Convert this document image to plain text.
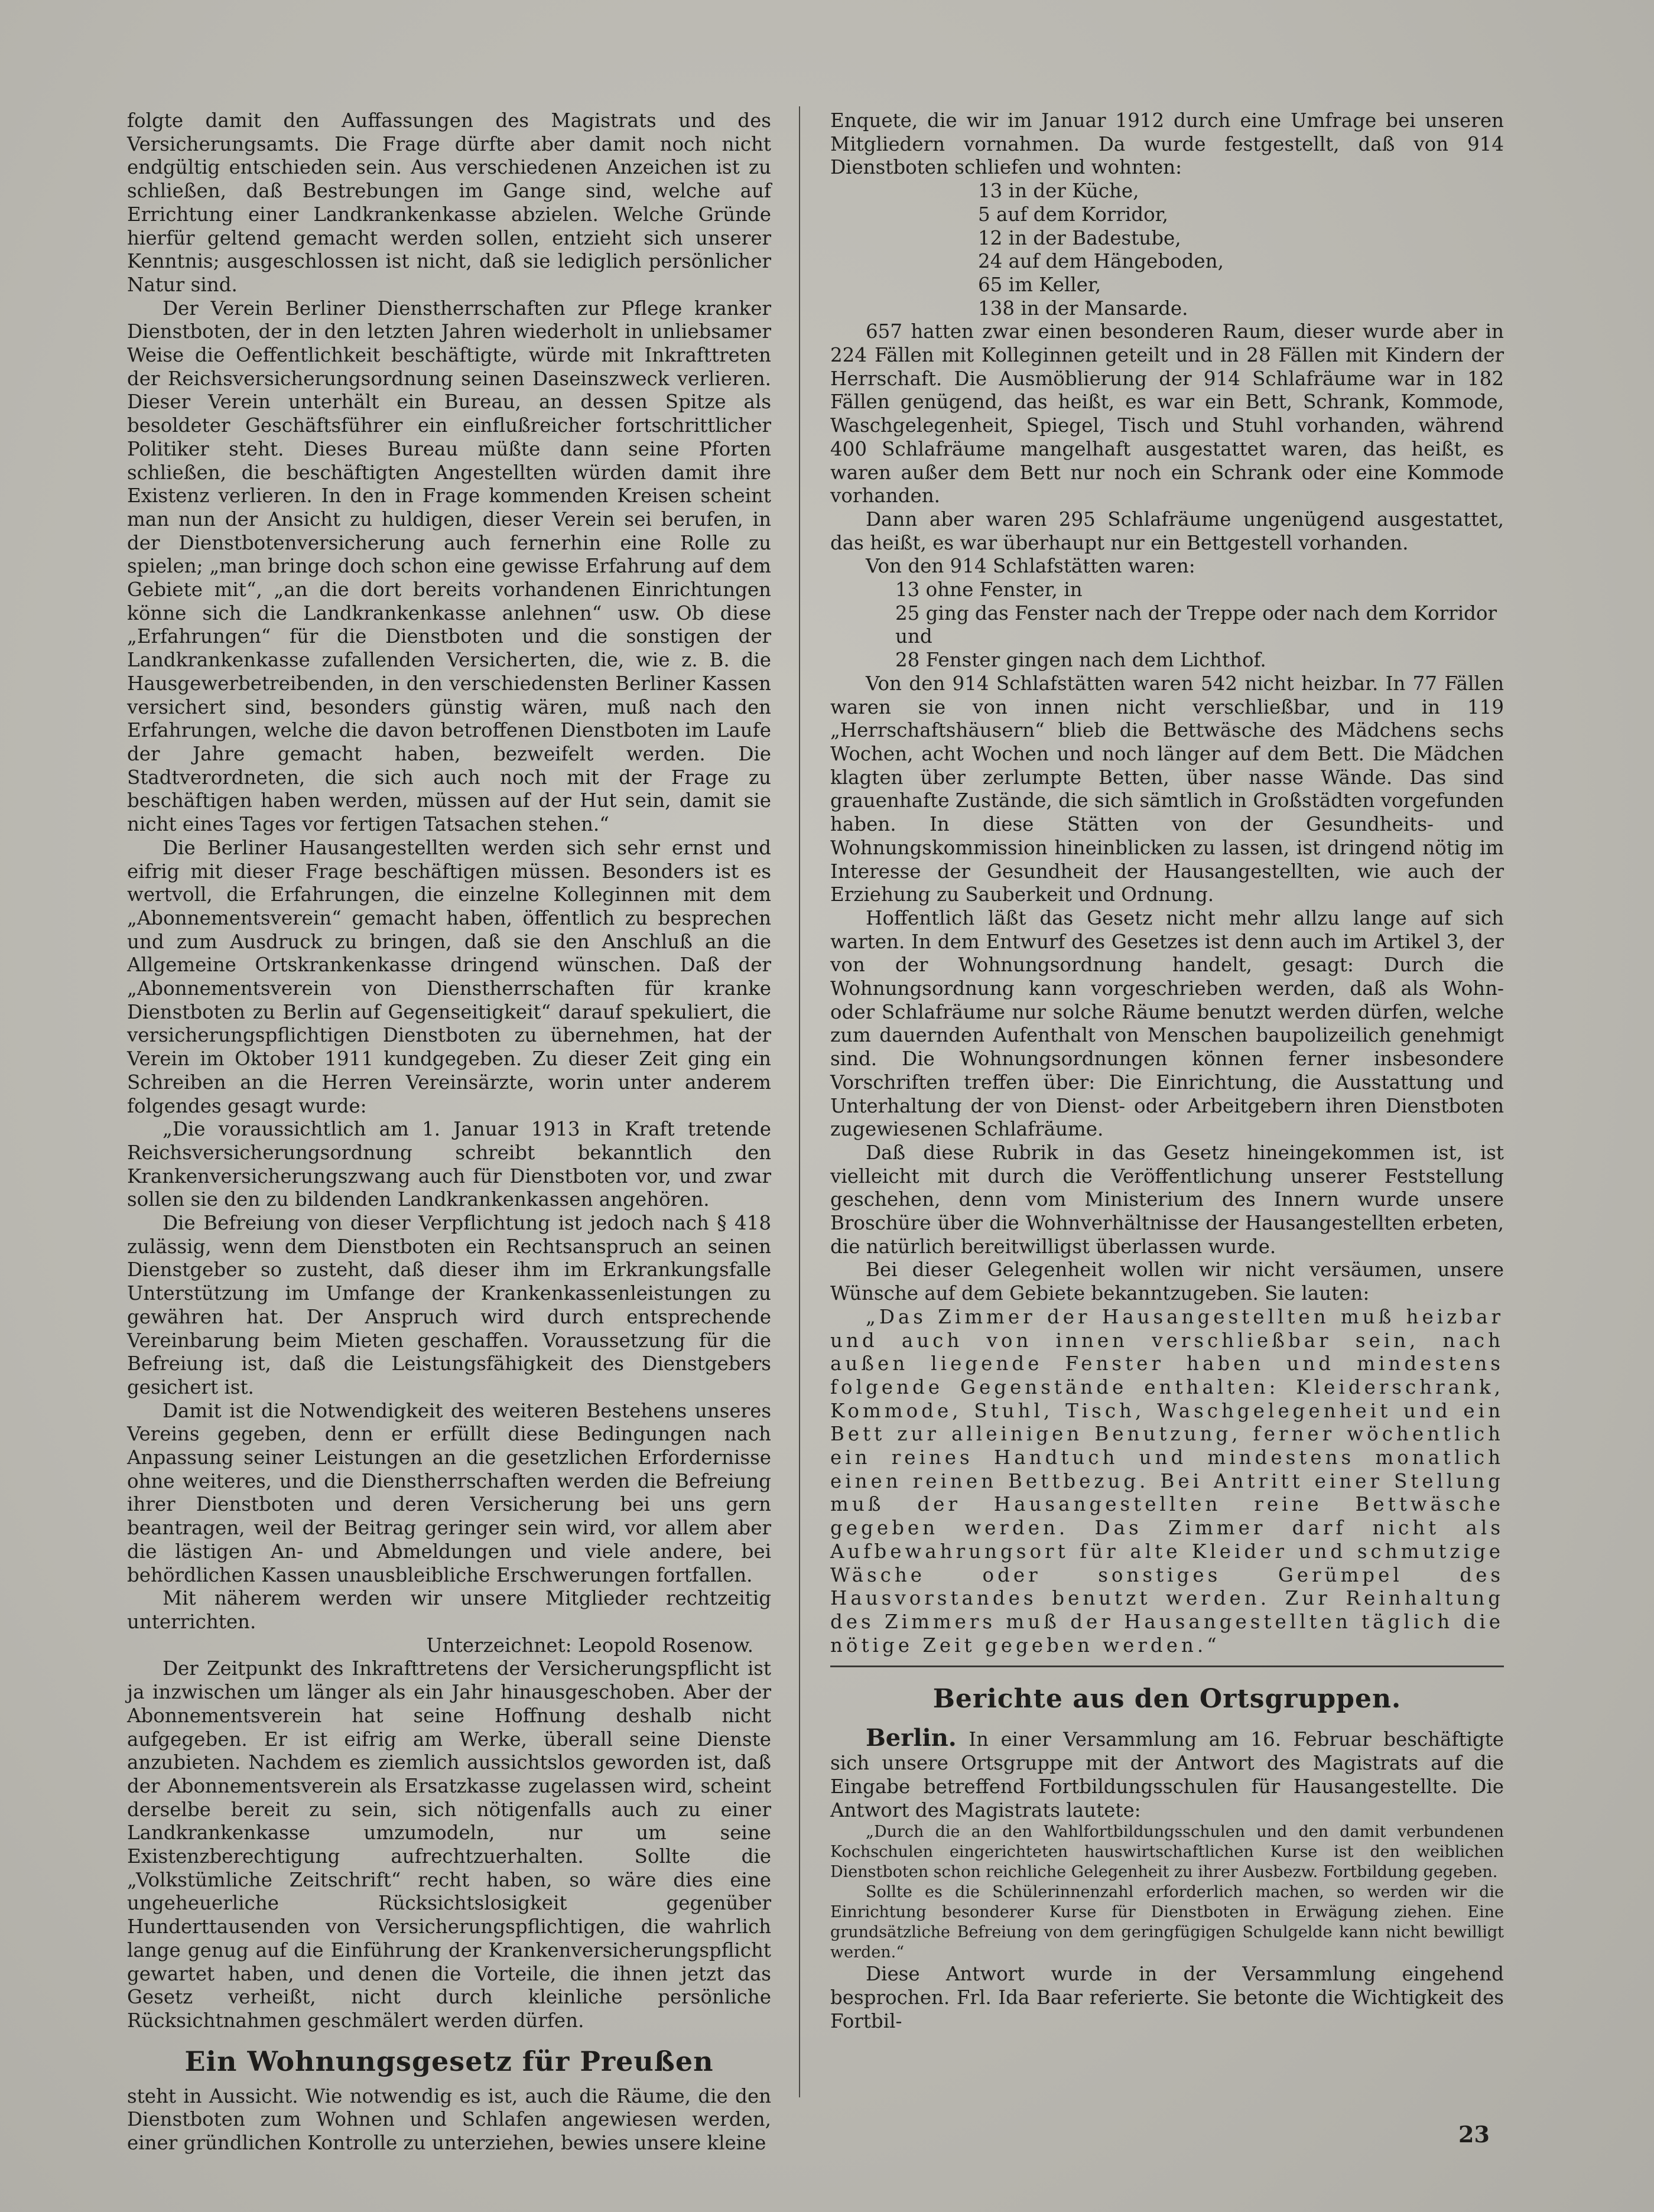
folgte damit den Auffassungen des Magistrats und des Versicherungsamts. Die Frage dürfte aber damit noch nicht endgültig entschieden sein. Aus verschiedenen Anzeichen ist zu schließen, daß Bestrebungen im Gange sind, welche auf Errichtung einer Landkrankenkasse abzielen. Welche Gründe hierfür geltend gemacht werden sollen, entzieht sich unserer Kenntnis; ausgeschlossen ist nicht, daß sie lediglich persönlicher Natur sind.

Der Verein Berliner Dienstherrschaften zur Pflege kranker Dienstboten, der in den letzten Jahren wiederholt in unliebsamer Weise die Oeffentlichkeit beschäftigte, würde mit Inkrafttreten der Reichsversicherungsordnung seinen Daseinszweck verlieren. Dieser Verein unterhält ein Bureau, an dessen Spitze als besoldeter Geschäftsführer ein einflußreicher fortschrittlicher Politiker steht. Dieses Bureau müßte dann seine Pforten schließen, die beschäftigten Angestellten würden damit ihre Existenz verlieren. In den in Frage kommenden Kreisen scheint man nun der Ansicht zu huldigen, dieser Verein sei berufen, in der Dienstbotenversicherung auch fernerhin eine Rolle zu spielen; „man bringe doch schon eine gewisse Erfahrung auf dem Gebiete mit“, „an die dort bereits vorhandenen Einrichtungen könne sich die Landkrankenkasse anlehnen“ usw. Ob diese „Erfahrungen“ für die Dienstboten und die sonstigen der Landkrankenkasse zufallenden Versicherten, die, wie z. B. die Hausgewerbetreibenden, in den verschiedensten Berliner Kassen versichert sind, besonders günstig wären, muß nach den Erfahrungen, welche die davon betroffenen Dienstboten im Laufe der Jahre gemacht haben, bezweifelt werden. Die Stadtverordneten, die sich auch noch mit der Frage zu beschäftigen haben werden, müssen auf der Hut sein, damit sie nicht eines Tages vor fertigen Tatsachen stehen.“

Die Berliner Hausangestellten werden sich sehr ernst und eifrig mit dieser Frage beschäftigen müssen. Besonders ist es wertvoll, die Erfahrungen, die einzelne Kolleginnen mit dem „Abonnementsverein“ gemacht haben, öffentlich zu besprechen und zum Ausdruck zu bringen, daß sie den Anschluß an die Allgemeine Ortskrankenkasse dringend wünschen. Daß der „Abonnementsverein von Dienstherrschaften für kranke Dienstboten zu Berlin auf Gegenseitigkeit“ darauf spekuliert, die versicherungspflichtigen Dienstboten zu übernehmen, hat der Verein im Oktober 1911 kundgegeben. Zu dieser Zeit ging ein Schreiben an die Herren Vereinsärzte, worin unter anderem folgendes gesagt wurde:

„Die voraussichtlich am 1. Januar 1913 in Kraft tretende Reichsversicherungsordnung schreibt bekanntlich den Krankenversicherungszwang auch für Dienstboten vor, und zwar sollen sie den zu bildenden Landkrankenkassen angehören.

Die Befreiung von dieser Verpflichtung ist jedoch nach § 418 zulässig, wenn dem Dienstboten ein Rechtsanspruch an seinen Dienstgeber so zusteht, daß dieser ihm im Erkrankungsfalle Unterstützung im Umfange der Krankenkassenleistungen zu gewähren hat. Der Anspruch wird durch entsprechende Vereinbarung beim Mieten geschaffen. Voraussetzung für die Befreiung ist, daß die Leistungsfähigkeit des Dienstgebers gesichert ist.

Damit ist die Notwendigkeit des weiteren Bestehens unseres Vereins gegeben, denn er erfüllt diese Bedingungen nach Anpassung seiner Leistungen an die gesetzlichen Erfordernisse ohne weiteres, und die Dienstherrschaften werden die Befreiung ihrer Dienstboten und deren Versicherung bei uns gern beantragen, weil der Beitrag geringer sein wird, vor allem aber die lästigen An- und Abmeldungen und viele andere, bei behördlichen Kassen unausbleibliche Erschwerungen fortfallen.

Mit näherem werden wir unsere Mitglieder rechtzeitig unterrichten.

Unterzeichnet: Leopold Rosenow.

Der Zeitpunkt des Inkrafttretens der Versicherungspflicht ist ja inzwischen um länger als ein Jahr hinausgeschoben. Aber der Abonnementsverein hat seine Hoffnung deshalb nicht aufgegeben. Er ist eifrig am Werke, überall seine Dienste anzubieten. Nachdem es ziemlich aussichtslos geworden ist, daß der Abonnementsverein als Ersatzkasse zugelassen wird, scheint derselbe bereit zu sein, sich nötigenfalls auch zu einer Landkrankenkasse umzumodeln, nur um seine Existenzberechtigung aufrechtzuerhalten. Sollte die „Volkstümliche Zeitschrift“ recht haben, so wäre dies eine ungeheuerliche Rücksichtslosigkeit gegenüber Hunderttausenden von Versicherungspflichtigen, die wahrlich lange genug auf die Einführung der Krankenversicherungspflicht gewartet haben, und denen die Vorteile, die ihnen jetzt das Gesetz verheißt, nicht durch kleinliche persönliche Rücksichtnahmen geschmälert werden dürfen.

Ein Wohnungsgesetz für Preußen

steht in Aussicht. Wie notwendig es ist, auch die Räume, die den Dienstboten zum Wohnen und Schlafen angewiesen werden, einer gründlichen Kontrolle zu unterziehen, bewies unsere kleine

Enquete, die wir im Januar 1912 durch eine Umfrage bei unseren Mitgliedern vornahmen. Da wurde festgestellt, daß von 914 Dienstboten schliefen und wohnten:

13 in der Küche,
5 auf dem Korridor,
12 in der Badestube,
24 auf dem Hängeboden,
65 im Keller,
138 in der Mansarde.

657 hatten zwar einen besonderen Raum, dieser wurde aber in 224 Fällen mit Kolleginnen geteilt und in 28 Fällen mit Kindern der Herrschaft. Die Ausmöblierung der 914 Schlafräume war in 182 Fällen genügend, das heißt, es war ein Bett, Schrank, Kommode, Waschgelegenheit, Spiegel, Tisch und Stuhl vorhanden, während 400 Schlafräume mangelhaft ausgestattet waren, das heißt, es waren außer dem Bett nur noch ein Schrank oder eine Kommode vorhanden.

Dann aber waren 295 Schlafräume ungenügend ausgestattet, das heißt, es war überhaupt nur ein Bettgestell vorhanden.

Von den 914 Schlafstätten waren:

13 ohne Fenster, in
25 ging das Fenster nach der Treppe oder nach dem Korridor und
28 Fenster gingen nach dem Lichthof.

Von den 914 Schlafstätten waren 542 nicht heizbar. In 77 Fällen waren sie von innen nicht verschließbar, und in 119 „Herrschaftshäusern“ blieb die Bettwäsche des Mädchens sechs Wochen, acht Wochen und noch länger auf dem Bett. Die Mädchen klagten über zerlumpte Betten, über nasse Wände. Das sind grauenhafte Zustände, die sich sämtlich in Großstädten vorgefunden haben. In diese Stätten von der Gesundheits- und Wohnungskommission hineinblicken zu lassen, ist dringend nötig im Interesse der Gesundheit der Hausangestellten, wie auch der Erziehung zu Sauberkeit und Ordnung.

Hoffentlich läßt das Gesetz nicht mehr allzu lange auf sich warten. In dem Entwurf des Gesetzes ist denn auch im Artikel 3, der von der Wohnungsordnung handelt, gesagt: Durch die Wohnungsordnung kann vorgeschrieben werden, daß als Wohn- oder Schlafräume nur solche Räume benutzt werden dürfen, welche zum dauernden Aufenthalt von Menschen baupolizeilich genehmigt sind. Die Wohnungsordnungen können ferner insbesondere Vorschriften treffen über: Die Einrichtung, die Ausstattung und Unterhaltung der von Dienst- oder Arbeitgebern ihren Dienstboten zugewiesenen Schlafräume.

Daß diese Rubrik in das Gesetz hineingekommen ist, ist vielleicht mit durch die Veröffentlichung unserer Feststellung geschehen, denn vom Ministerium des Innern wurde unsere Broschüre über die Wohnverhältnisse der Hausangestellten erbeten, die natürlich bereitwilligst überlassen wurde.

Bei dieser Gelegenheit wollen wir nicht versäumen, unsere Wünsche auf dem Gebiete bekanntzugeben. Sie lauten:

„Das Zimmer der Hausangestellten muß heizbar und auch von innen verschließbar sein, nach außen liegende Fenster haben und mindestens folgende Gegenstände enthalten: Kleiderschrank, Kommode, Stuhl, Tisch, Waschgelegenheit und ein Bett zur alleinigen Benutzung, ferner wöchentlich ein reines Handtuch und mindestens monatlich einen reinen Bettbezug. Bei Antritt einer Stellung muß der Hausangestellten reine Bettwäsche gegeben werden. Das Zimmer darf nicht als Aufbewahrungsort für alte Kleider und schmutzige Wäsche oder sonstiges Gerümpel des Hausvorstandes benutzt werden. Zur Reinhaltung des Zimmers muß der Hausangestellten täglich die nötige Zeit gegeben werden.“

Berichte aus den Ortsgruppen.

Berlin. In einer Versammlung am 16. Februar beschäftigte sich unsere Ortsgruppe mit der Antwort des Magistrats auf die Eingabe betreffend Fortbildungsschulen für Hausangestellte. Die Antwort des Magistrats lautete:

„Durch die an den Wahlfortbildungsschulen und den damit verbundenen Kochschulen eingerichteten hauswirtschaftlichen Kurse ist den weiblichen Dienstboten schon reichliche Gelegenheit zu ihrer Ausbezw. Fortbildung gegeben.

Sollte es die Schülerinnenzahl erforderlich machen, so werden wir die Einrichtung besonderer Kurse für Dienstboten in Erwägung ziehen. Eine grundsätzliche Befreiung von dem geringfügigen Schulgelde kann nicht bewilligt werden.“

Diese Antwort wurde in der Versammlung eingehend besprochen. Frl. Ida Baar referierte. Sie betonte die Wichtigkeit des Fortbil-

23
